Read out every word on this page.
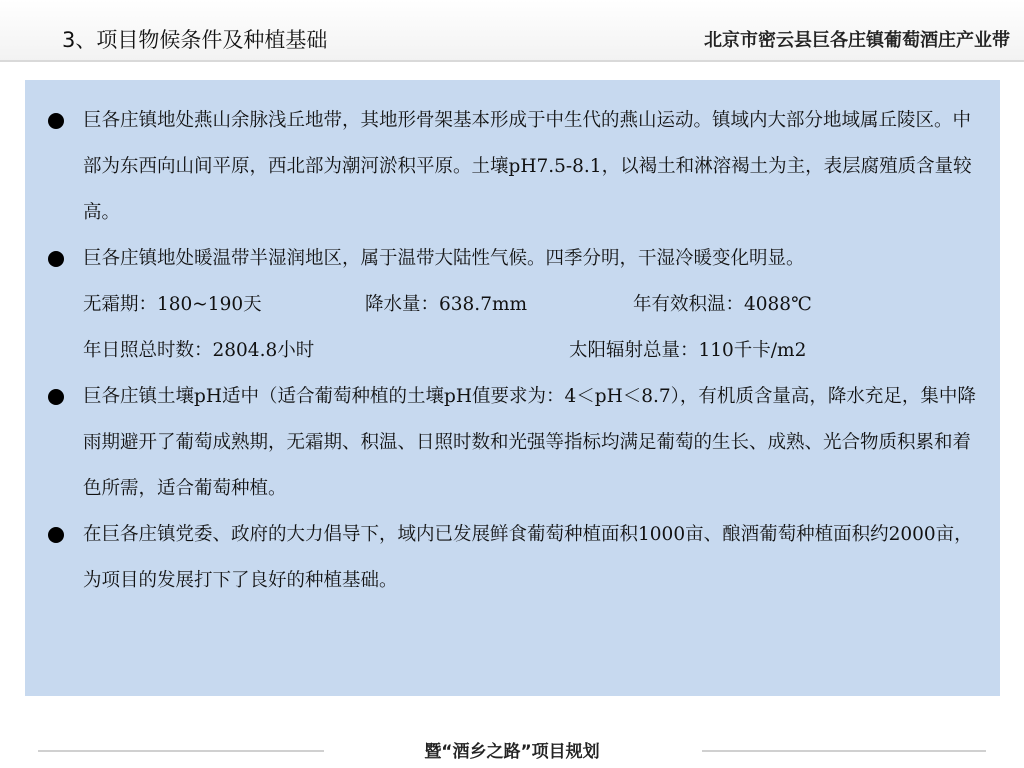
3、项目物候条件及种植基础	北京市密云县巨各庄镇葡萄酒庄产业带
巨各庄镇地处燕山余脉浅丘地带，其地形骨架基本形成于中生代的燕山运动。镇域内大部分地域属丘陵区。中部为东西向山间平原，西北部为潮河淤积平原。土壤pH7.5-8.1，以褐土和淋溶褐土为主，表层腐殖质含量较高。
巨各庄镇地处暖温带半湿润地区，属于温带大陆性气候。四季分明，干湿冷暖变化明显。
无霜期：180~190天	降水量：638.7mm	年有效积温：4088℃
年日照总时数：2804.8小时	太阳辐射总量：110千卡/m2
巨各庄镇土壤pH适中（适合葡萄种植的土壤pH值要求为：4＜pH＜8.7），有机质含量高，降水充足，集中降雨期避开了葡萄成熟期，无霜期、积温、日照时数和光强等指标均满足葡萄的生长、成熟、光合物质积累和着色所需，适合葡萄种植。
在巨各庄镇党委、政府的大力倡导下，域内已发展鲜食葡萄种植面积1000亩、酿酒葡萄种植面积约2000亩，为项目的发展打下了良好的种植基础。
暨“酒乡之路”项目规划
